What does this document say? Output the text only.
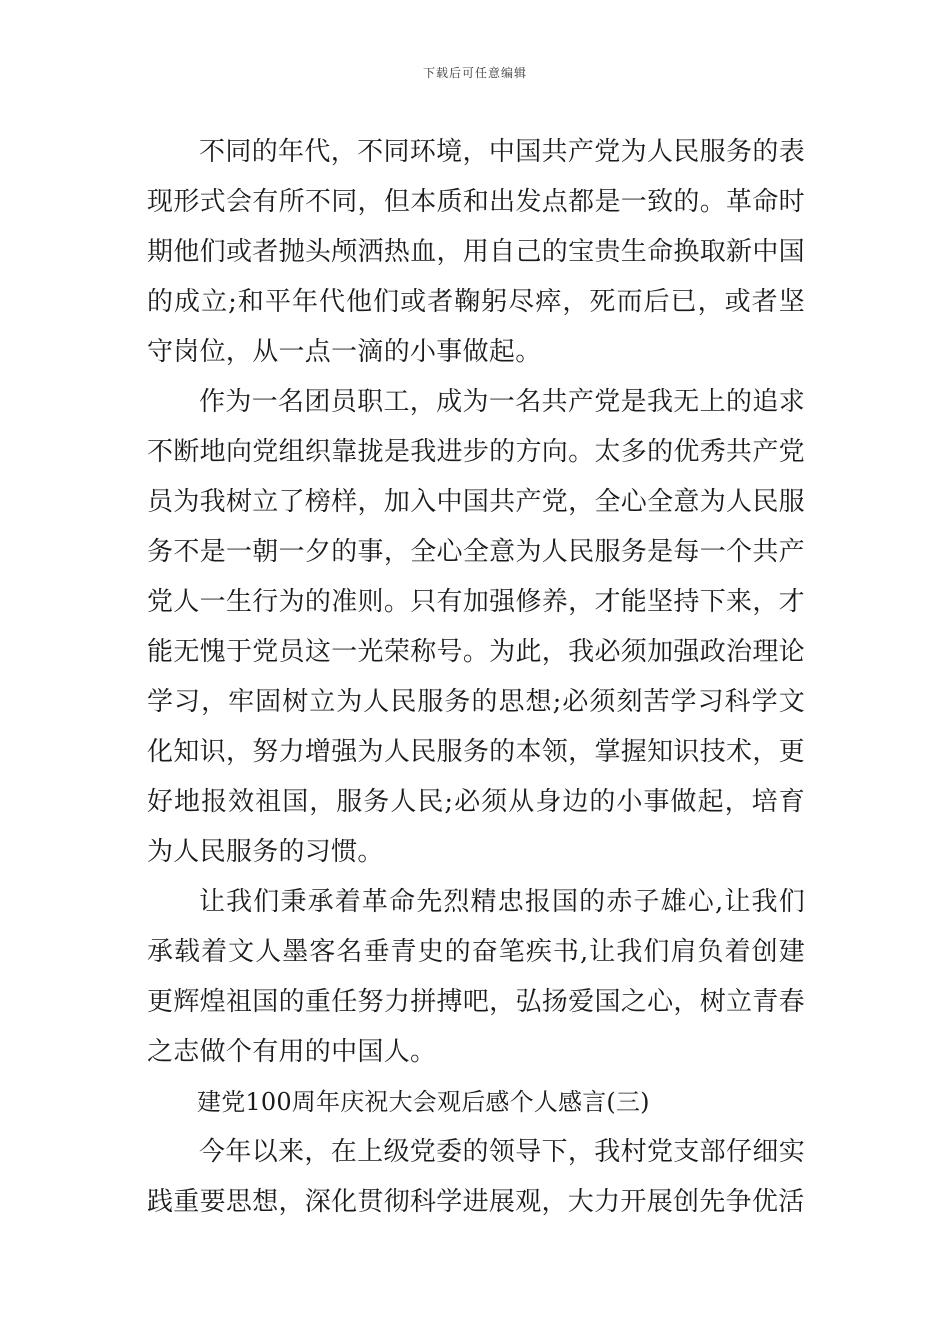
下载后可任意编辑

不同的年代，不同环境，中国共产党为人民服务的表现形式会有所不同，但本质和出发点都是一致的。革命时期他们或者抛头颅洒热血，用自己的宝贵生命换取新中国的成立;和平年代他们或者鞠躬尽瘁，死而后已，或者坚守岗位，从一点一滴的小事做起。

作为一名团员职工，成为一名共产党是我无上的追求不断地向党组织靠拢是我进步的方向。太多的优秀共产党员为我树立了榜样，加入中国共产党，全心全意为人民服务不是一朝一夕的事，全心全意为人民服务是每一个共产党人一生行为的准则。只有加强修养，才能坚持下来，才能无愧于党员这一光荣称号。为此，我必须加强政治理论学习，牢固树立为人民服务的思想;必须刻苦学习科学文化知识，努力增强为人民服务的本领，掌握知识技术，更好地报效祖国，服务人民;必须从身边的小事做起，培育为人民服务的习惯。

让我们秉承着革命先烈精忠报国的赤子雄心,让我们承载着文人墨客名垂青史的奋笔疾书,让我们肩负着创建更辉煌祖国的重任努力拼搏吧，弘扬爱国之心，树立青春之志做个有用的中国人。

建党100周年庆祝大会观后感个人感言(三)

今年以来，在上级党委的领导下，我村党支部仔细实践重要思想，深化贯彻科学进展观，大力开展创先争优活
